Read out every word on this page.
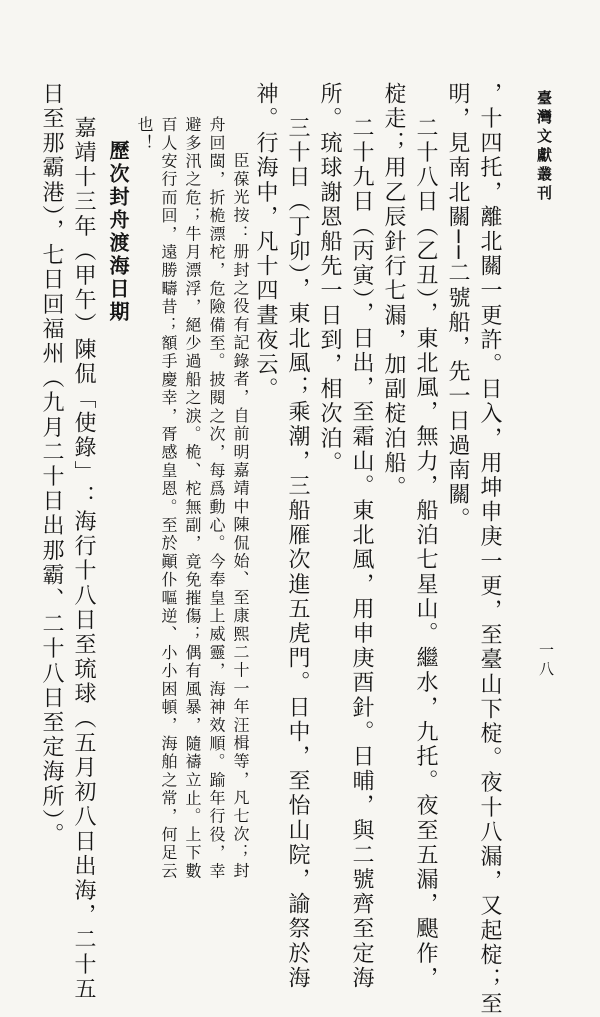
臺灣文獻叢刊
一八
，十四托，離北關一更許。日入，用坤申庚一更，至臺山下椗。夜十八漏，又起椗；至
明，見南北關──二號船，先一日過南關。
二十八日（乙丑），東北風，無力，船泊七星山。繼水，九托。夜至五漏，颶作，
椗走；用乙辰針行七漏，加副椗泊船。
二十九日（丙寅），日出，至霜山。東北風，用申庚酉針。日晡，與二號齊至定海
所。琉球謝恩船先一日到，相次泊。
三十日（丁卯），東北風；乘潮，三船雁次進五虎門。日中，至怡山院，諭祭於海
神。行海中，凡十四晝夜云。
臣葆光按：册封之役有記錄者，自前明嘉靖中陳侃始、至康熙二十一年汪楫等，凡七次；封
舟回閩，折桅漂柁，危險備至。披閱之次，每爲動心。今奉皇上威靈，海神效順。踰年行役，幸
避多汛之危；牛月漂浮，絕少過船之淚。桅、柁無副，竟免摧傷；偶有風暴，隨禱立止。上下數
百人安行而回，遠勝疇昔；額手慶幸，胥感皇恩。至於顚仆嘔逆、小小困頓，海舶之常，何足云
也！
歷次封舟渡海日期
嘉靖十三年（甲午）陳侃「使錄」：海行十八日至琉球（五月初八日出海，二十五
日至那霸港），七日回福州（九月二十日出那霸、二十八日至定海所）。
